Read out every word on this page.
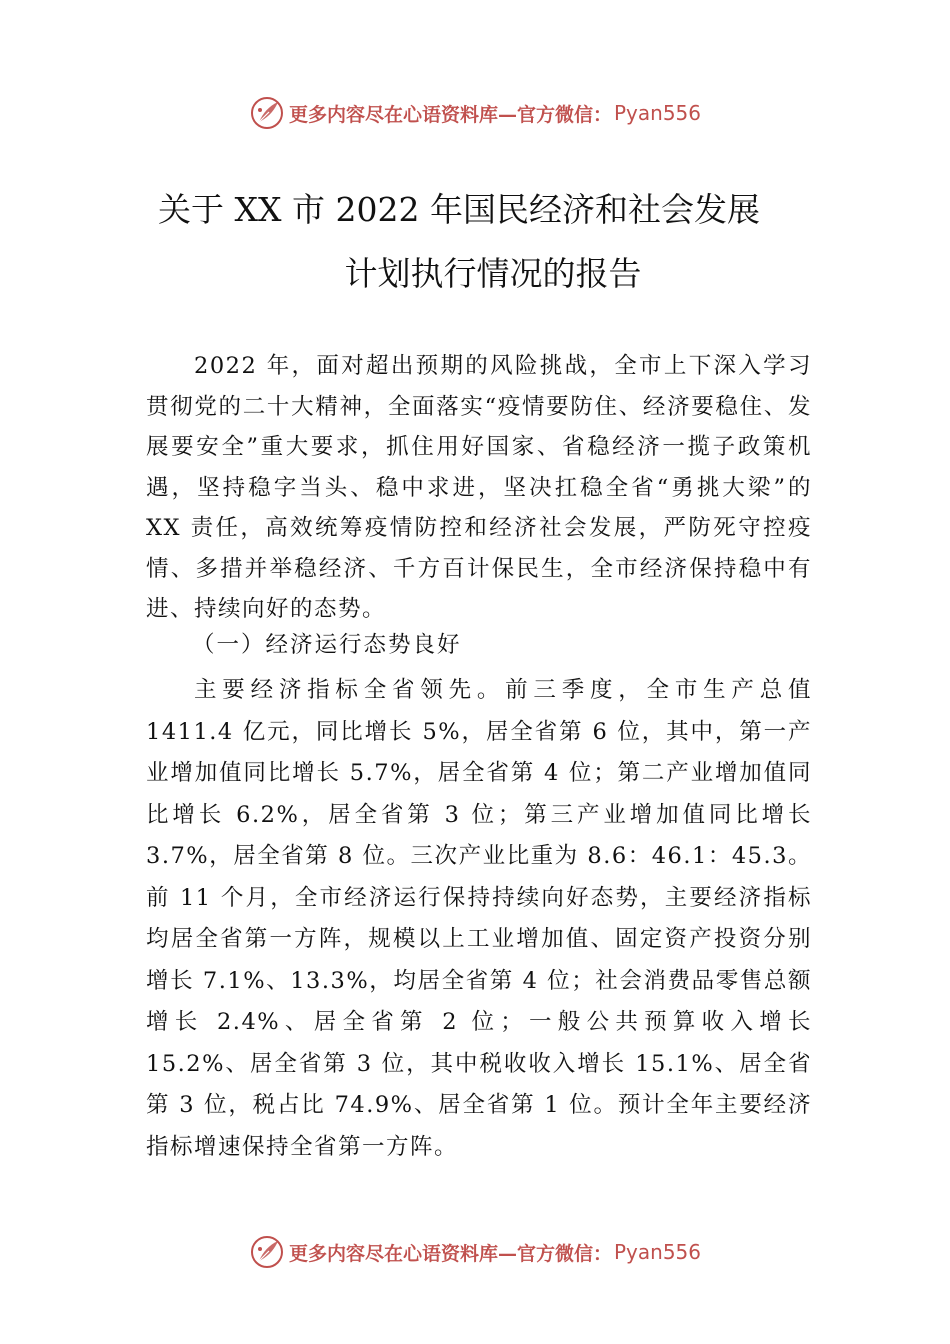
更多内容尽在心语资料库—官方微信： Pyan556
关于 XX 市 2022 年国民经济和社会发展
计划执行情况的报告

2022 年，面对超出预期的风险挑战，全市上下深入学习贯彻党的二十大精神，全面落实“疫情要防住、经济要稳住、发展要安全”重大要求，抓住用好国家、省稳经济一揽子政策机遇，坚持稳字当头、稳中求进，坚决扛稳全省“勇挑大梁”的 XX 责任，高效统筹疫情防控和经济社会发展，严防死守控疫情、多措并举稳经济、千方百计保民生，全市经济保持稳中有进、持续向好的态势。

（一）经济运行态势良好

主要经济指标全省领先。前三季度，全市生产总值 1411.4 亿元，同比增长 5%，居全省第 6 位，其中，第一产业增加值同比增长 5.7%，居全省第 4 位；第二产业增加值同比增长 6.2%，居全省第 3 位；第三产业增加值同比增长 3.7%，居全省第 8 位。三次产业比重为 8.6：46.1：45.3。前 11 个月，全市经济运行保持持续向好态势，主要经济指标均居全省第一方阵，规模以上工业增加值、固定资产投资分别增长 7.1%、13.3%，均居全省第 4 位；社会消费品零售总额增长 2.4%、居全省第 2 位；一般公共预算收入增长 15.2%、居全省第 3 位，其中税收收入增长 15.1%、居全省第 3 位，税占比 74.9%、居全省第 1 位。预计全年主要经济指标增速保持全省第一方阵。

更多内容尽在心语资料库—官方微信： Pyan556
